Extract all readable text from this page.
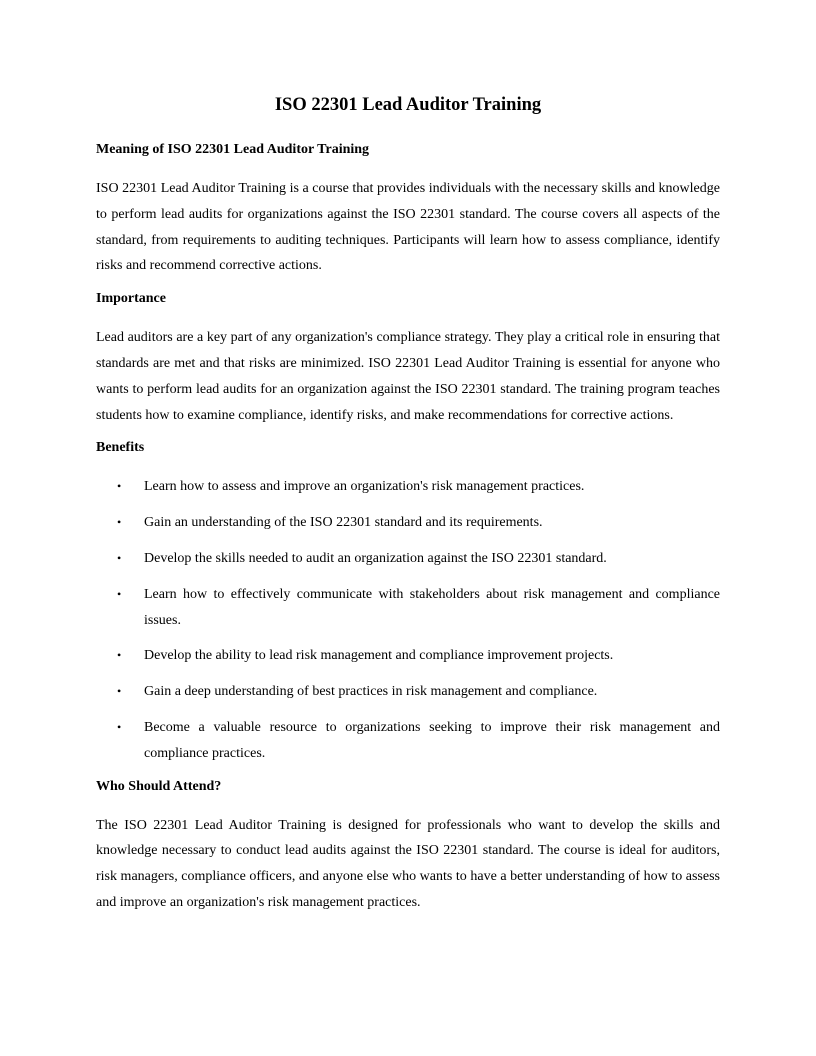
ISO 22301 Lead Auditor Training
Meaning of ISO 22301 Lead Auditor Training

ISO 22301 Lead Auditor Training is a course that provides individuals with the necessary skills and knowledge to perform lead audits for organizations against the ISO 22301 standard. The course covers all aspects of the standard, from requirements to auditing techniques. Participants will learn how to assess compliance, identify risks and recommend corrective actions.

Importance

Lead auditors are a key part of any organization's compliance strategy. They play a critical role in ensuring that standards are met and that risks are minimized. ISO 22301 Lead Auditor Training is essential for anyone who wants to perform lead audits for an organization against the ISO 22301 standard. The training program teaches students how to examine compliance, identify risks, and make recommendations for corrective actions.

Benefits
• Learn how to assess and improve an organization's risk management practices.
• Gain an understanding of the ISO 22301 standard and its requirements.
• Develop the skills needed to audit an organization against the ISO 22301 standard.
• Learn how to effectively communicate with stakeholders about risk management and compliance issues.
• Develop the ability to lead risk management and compliance improvement projects.
• Gain a deep understanding of best practices in risk management and compliance.
• Become a valuable resource to organizations seeking to improve their risk management and compliance practices.
Who Should Attend?

The ISO 22301 Lead Auditor Training is designed for professionals who want to develop the skills and knowledge necessary to conduct lead audits against the ISO 22301 standard. The course is ideal for auditors, risk managers, compliance officers, and anyone else who wants to have a better understanding of how to assess and improve an organization's risk management practices.
